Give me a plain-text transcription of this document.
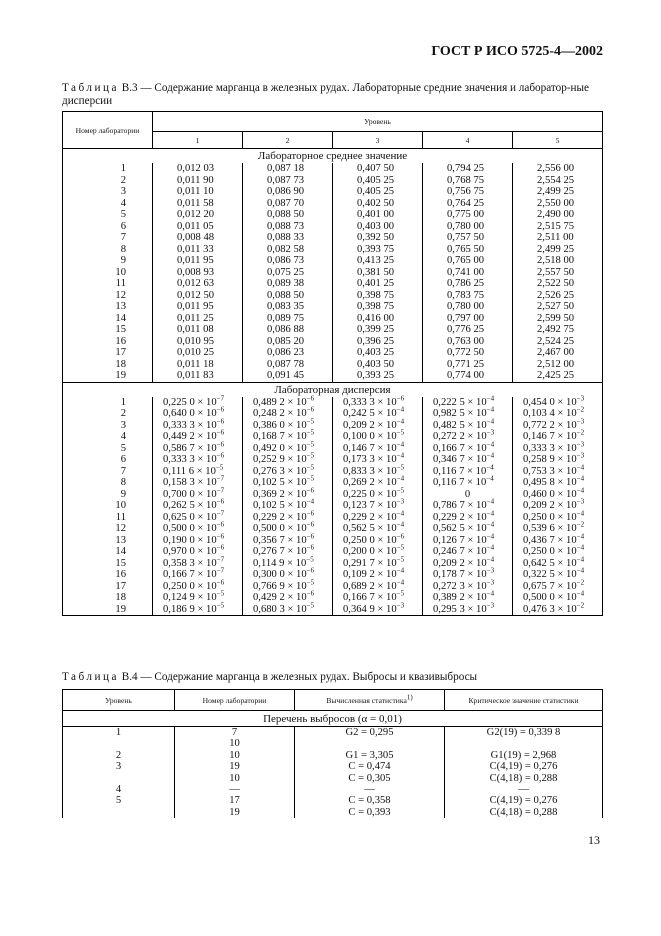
ГОСТ Р ИСО 5725-4—2002
Таблица В.3 — Содержание марганца в железных рудах. Лабораторные средние значения и лаборатор-ные дисперсии
Номер лаборатории	Уровень				
	1	2	3	4	5
Лабораторное среднее значение					
1	0,012 03	0,087 18	0,407 50	0,794 25	2,556 00
2	0,011 90	0,087 73	0,405 25	0,768 75	2,554 25
3	0,011 10	0,086 90	0,405 25	0,756 75	2,499 25
4	0,011 58	0,087 70	0,402 50	0,764 25	2,550 00
5	0,012 20	0,088 50	0,401 00	0,775 00	2,490 00
6	0,011 05	0,088 73	0,403 00	0,780 00	2,515 75
7	0,008 48	0,088 33	0,392 50	0,757 50	2,511 00
8	0,011 33	0,082 58	0,393 75	0,765 50	2,499 25
9	0,011 95	0,086 73	0,413 25	0,765 00	2,518 00
10	0,008 93	0,075 25	0,381 50	0,741 00	2,557 50
11	0,012 63	0,089 38	0,401 25	0,786 25	2,522 50
12	0,012 50	0,088 50	0,398 75	0,783 75	2,526 25
13	0,011 95	0,083 35	0,398 75	0,780 00	2,527 50
14	0,011 25	0,089 75	0,416 00	0,797 00	2,599 50
15	0,011 08	0,086 88	0,399 25	0,776 25	2,492 75
16	0,010 95	0,085 20	0,396 25	0,763 00	2,524 25
17	0,010 25	0,086 23	0,403 25	0,772 50	2,467 00
18	0,011 18	0,087 78	0,403 50	0,771 25	2,512 00
19	0,011 83	0,091 45	0,393 25	0,774 00	2,425 25
Лабораторная дисперсия					
1	0,225 $0 \times 10^{-7}$	0,489 $2 \times 10^{-6}$	0,333 $3 \times 10^{-6}$	0,222 $5 \times 10^{-4}$	0,454 $0 \times 10^{-3}$
2	0,640 $0 \times 10^{-6}$	0,248 $2 \times 10^{-6}$	0,242 $5 \times 10^{-4}$	0,982 $5 \times 10^{-4}$	0,103 $4 \times 10^{-2}$
3	0,333 $3 \times 10^{-6}$	0,386 $0 \times 10^{-5}$	0,209 $2 \times 10^{-4}$	0,482 $5 \times 10^{-4}$	0,772 $2 \times 10^{-3}$
4	0,449 $2 \times 10^{-6}$	0,168 $7 \times 10^{-5}$	0,100 $0 \times 10^{-5}$	0,272 $2 \times 10^{-3}$	0,146 $7 \times 10^{-2}$
5	0,586 $7 \times 10^{-6}$	0,492 $0 \times 10^{-5}$	0,146 $7 \times 10^{-4}$	0,166 $7 \times 10^{-4}$	0,333 $3 \times 10^{-3}$
6	0,333 $3 \times 10^{-6}$	0,252 $9 \times 10^{-5}$	0,173 $3 \times 10^{-4}$	0,346 $7 \times 10^{-4}$	0,258 $9 \times 10^{-3}$
7	0,111 $6 \times 10^{-5}$	0,276 $3 \times 10^{-5}$	0,833 $3 \times 10^{-5}$	0,116 $7 \times 10^{-4}$	0,753 $3 \times 10^{-4}$
8	0,158 $3 \times 10^{-7}$	0,102 $5 \times 10^{-5}$	0,269 $2 \times 10^{-4}$	0,116 $7 \times 10^{-4}$	0,495 $8 \times 10^{-4}$
9	0,700 $0 \times 10^{-7}$	0,369 $2 \times 10^{-6}$	0,225 $0 \times 10^{-5}$	0	0,460 $0 \times 10^{-4}$
10	0,262 $5 \times 10^{-6}$	0,102 $5 \times 10^{-4}$	0,123 $7 \times 10^{-3}$	0,786 $7 \times 10^{-4}$	0,209 $2 \times 10^{-3}$
11	0,625 $0 \times 10^{-7}$	0,229 $2 \times 10^{-6}$	0,229 $2 \times 10^{-4}$	0,229 $2 \times 10^{-4}$	0,250 $0 \times 10^{-4}$
12	0,500 $0 \times 10^{-6}$	0,500 $0 \times 10^{-6}$	0,562 $5 \times 10^{-4}$	0,562 $5 \times 10^{-4}$	0,539 $6 \times 10^{-2}$
13	0,190 $0 \times 10^{-6}$	0,356 $7 \times 10^{-6}$	0,250 $0 \times 10^{-6}$	0,126 $7 \times 10^{-4}$	0,436 $7 \times 10^{-4}$
14	0,970 $0 \times 10^{-6}$	0,276 $7 \times 10^{-6}$	0,200 $0 \times 10^{-5}$	0,246 $7 \times 10^{-4}$	0,250 $0 \times 10^{-4}$
15	0,358 $3 \times 10^{-7}$	0,114 $9 \times 10^{-5}$	0,291 $7 \times 10^{-5}$	0,209 $2 \times 10^{-4}$	0,642 $5 \times 10^{-4}$
16	0,166 $7 \times 10^{-7}$	0,300 $0 \times 10^{-6}$	0,109 $2 \times 10^{-4}$	0,178 $7 \times 10^{-3}$	0,322 $5 \times 10^{-4}$
17	0,250 $0 \times 10^{-6}$	0,766 $9 \times 10^{-5}$	0,689 $2 \times 10^{-4}$	0,272 $3 \times 10^{-3}$	0,675 $7 \times 10^{-2}$
18	0,124 $9 \times 10^{-5}$	0,429 $2 \times 10^{-6}$	0,166 $7 \times 10^{-5}$	0,389 $2 \times 10^{-4}$	0,500 $0 \times 10^{-4}$
19	0,186 $9 \times 10^{-5}$	0,680 $3 \times 10^{-5}$	0,364 $9 \times 10^{-3}$	0,295 $3 \times 10^{-3}$	0,476 $3 \times 10^{-2}$
Таблица В.4 — Содержание марганца в железных рудах. Выбросы и квазивыбросы
Уровень	Номер лаборатории	Вычисленная статистика$^{1)}$	Критическое значение статистики
Перечень выбросов (α = 0,01)			
1	7	G2 = 0,295	G2(19) = 0,339 8
	10		
2	10	G1 = 3,305	G1(19) = 2,968
3	19	C = 0,474	C(4,19) = 0,276
	10	C = 0,305	C(4,18) = 0,288
4	—	—	—
5	17	C = 0,358	C(4,19) = 0,276
	19	C = 0,393	C(4,18) = 0,288
13
